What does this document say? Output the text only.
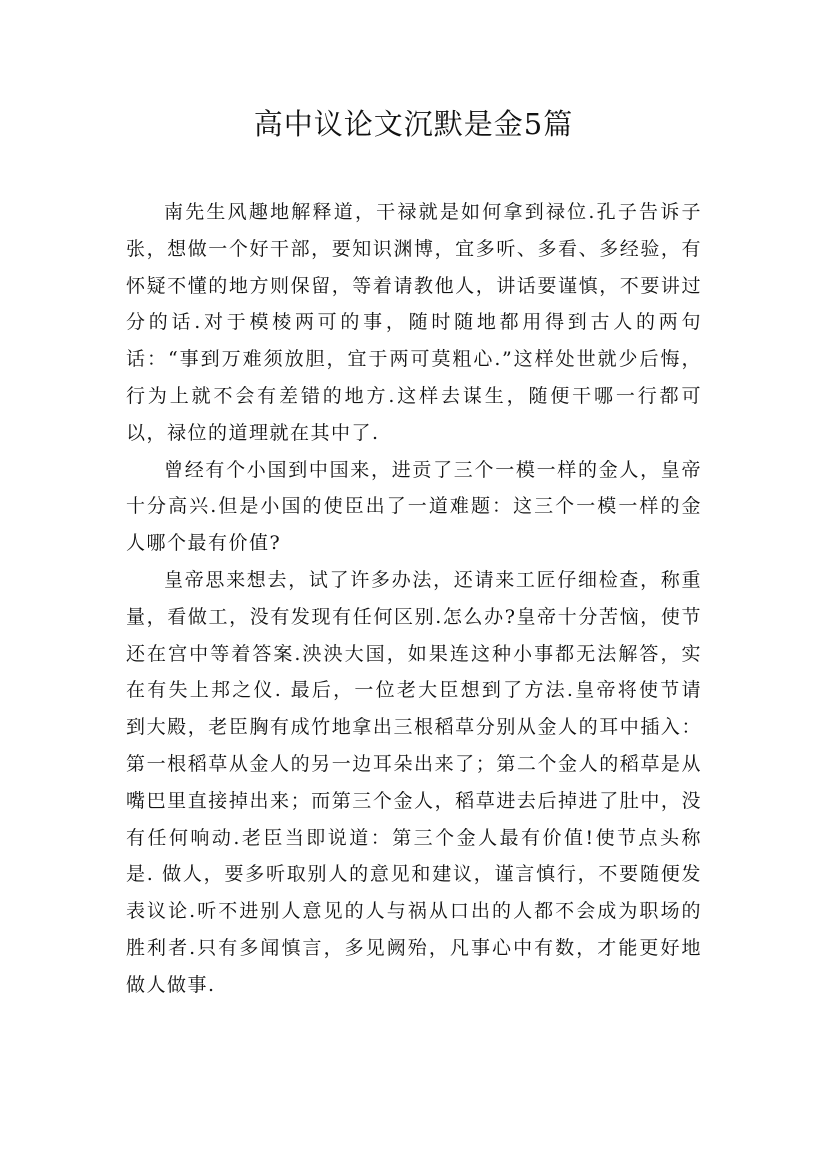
高中议论文沉默是金5篇

南先生风趣地解释道，干禄就是如何拿到禄位.孔子告诉子张，想做一个好干部，要知识渊博，宜多听、多看、多经验，有怀疑不懂的地方则保留，等着请教他人，讲话要谨慎，不要讲过分的话.对于模棱两可的事，随时随地都用得到古人的两句话：“事到万难须放胆，宜于两可莫粗心.”这样处世就少后悔，行为上就不会有差错的地方.这样去谋生，随便干哪一行都可以，禄位的道理就在其中了.

曾经有个小国到中国来，进贡了三个一模一样的金人，皇帝十分高兴.但是小国的使臣出了一道难题：这三个一模一样的金人哪个最有价值?

皇帝思来想去，试了许多办法，还请来工匠仔细检查，称重量，看做工，没有发现有任何区别.怎么办?皇帝十分苦恼，使节还在宫中等着答案.泱泱大国，如果连这种小事都无法解答，实在有失上邦之仪. 最后，一位老大臣想到了方法.皇帝将使节请到大殿，老臣胸有成竹地拿出三根稻草分别从金人的耳中插入：第一根稻草从金人的另一边耳朵出来了；第二个金人的稻草是从嘴巴里直接掉出来；而第三个金人，稻草进去后掉进了肚中，没有任何响动.老臣当即说道：第三个金人最有价值!使节点头称是. 做人，要多听取别人的意见和建议，谨言慎行，不要随便发表议论.听不进别人意见的人与祸从口出的人都不会成为职场的胜利者.只有多闻慎言，多见阙殆，凡事心中有数，才能更好地做人做事.
